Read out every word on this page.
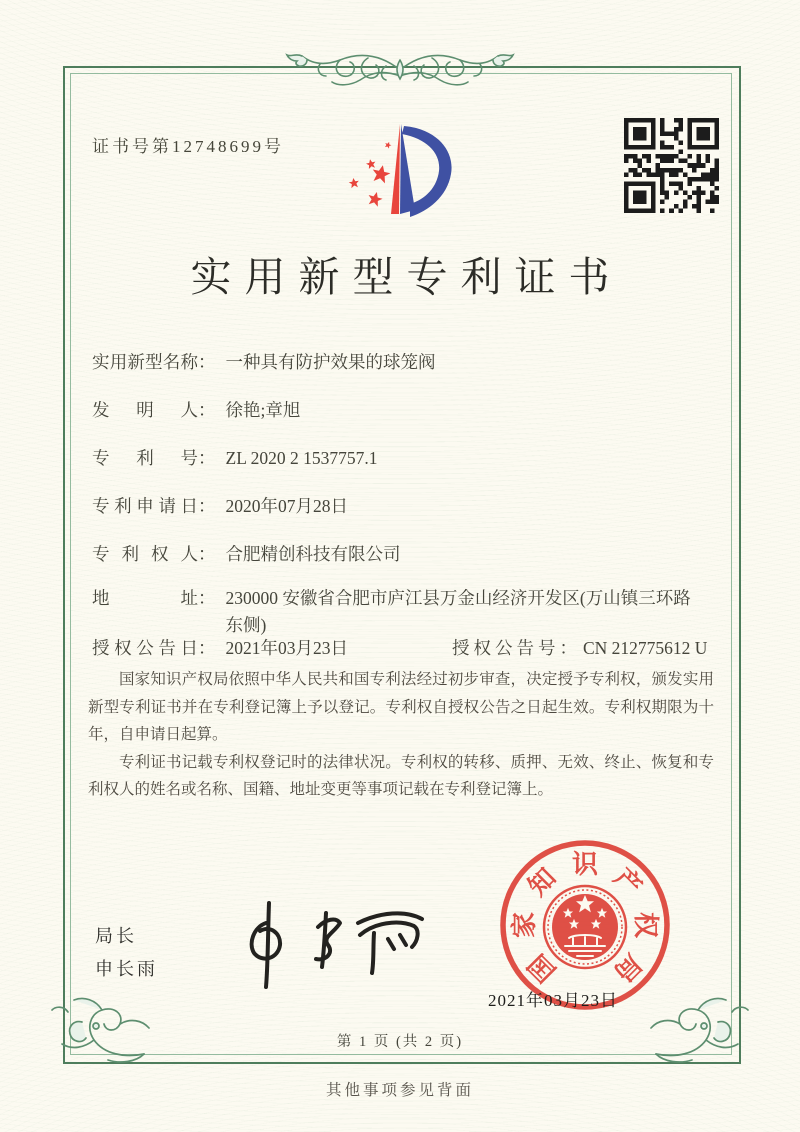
证书号第12748699号
实用新型专利证书
实用新型名称： 一种具有防护效果的球笼阀
发明人： 徐艳;章旭
专利号： ZL 2020 2 1537757.1
专利申请日： 2020年07月28日
专利权人： 合肥精创科技有限公司
地址： 230000 安徽省合肥市庐江县万金山经济开发区(万山镇三环路东侧)
授权公告日： 2021年03月23日	授权公告号： CN 212775612 U

国家知识产权局依照中华人民共和国专利法经过初步审查，决定授予专利权，颁发实用新型专利证书并在专利登记簿上予以登记。专利权自授权公告之日起生效。专利权期限为十年，自申请日起算。

专利证书记载专利权登记时的法律状况。专利权的转移、质押、无效、终止、恢复和专利权人的姓名或名称、国籍、地址变更等事项记载在专利登记簿上。

局长
申长雨	国
家
知 识 产
权
局
2021年03月23日
第 1 页 (共 2 页)
其他事项参见背面
